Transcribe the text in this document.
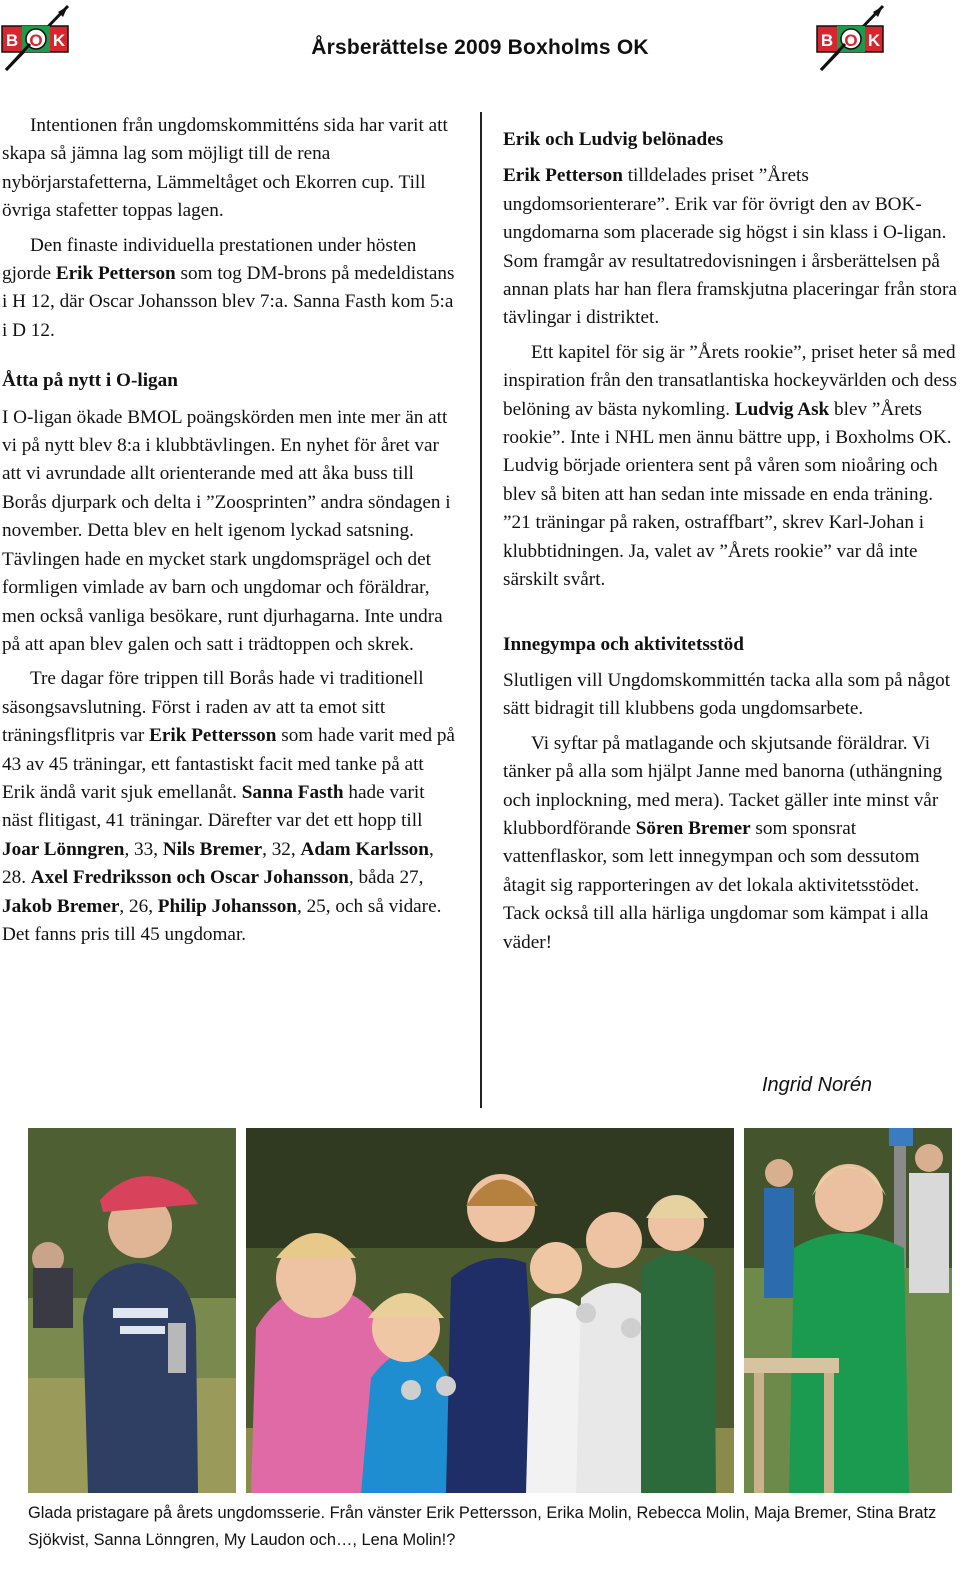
B O K	B O K
Årsberättelse 2009 Boxholms OK

Intentionen från ungdomskommitténs sida har varit att skapa så jämna lag som möjligt till de rena nybörjarstafetterna, Lämmeltåget och Ekorren cup. Till övriga stafetter toppas lagen.

Den finaste individuella prestationen under hösten gjorde Erik Petterson som tog DM-brons på medeldistans i H 12, där Oscar Johansson blev 7:a. Sanna Fasth kom 5:a i D 12.

Åtta på nytt i O-ligan

I O-ligan ökade BMOL poängskörden men inte mer än att vi på nytt blev 8:a i klubbtävlingen. En nyhet för året var att vi avrundade allt orienterande med att åka buss till Borås djurpark och delta i ”Zoosprinten” andra söndagen i november. Detta blev en helt igenom lyckad satsning. Tävlingen hade en mycket stark ungdomsprägel och det formligen vimlade av barn och ungdomar och föräldrar, men också vanliga besökare, runt djurhagarna. Inte undra på att apan blev galen och satt i trädtoppen och skrek.

Tre dagar före trippen till Borås hade vi traditionell säsongsavslutning. Först i raden av att ta emot sitt träningsflitpris var Erik Pettersson som hade varit med på 43 av 45 träningar, ett fantastiskt facit med tanke på att Erik ändå varit sjuk emellanåt. Sanna Fasth hade varit näst flitigast, 41 träningar. Därefter var det ett hopp till Joar Lönngren, 33, Nils Bremer, 32, Adam Karlsson, 28. Axel Fredriksson och Oscar Johansson, båda 27, Jakob Bremer, 26, Philip Johansson, 25, och så vidare. Det fanns pris till 45 ungdomar.

Erik och Ludvig belönades

Erik Petterson tilldelades priset ”Årets ungdomsorienterare”. Erik var för övrigt den av BOK-ungdomarna som placerade sig högst i sin klass i O-ligan. Som framgår av resultatredovisningen i årsberättelsen på annan plats har han flera framskjutna placeringar från stora tävlingar i distriktet.

Ett kapitel för sig är ”Årets rookie”, priset heter så med inspiration från den transatlantiska hockeyvärlden och dess belöning av bästa nykomling. Ludvig Ask blev ”Årets rookie”. Inte i NHL men ännu bättre upp, i Boxholms OK. Ludvig började orientera sent på våren som nioåring och blev så biten att han sedan inte missade en enda träning. ”21 träningar på raken, ostraffbart”, skrev Karl-Johan i klubbtidningen. Ja, valet av ”Årets rookie” var då inte särskilt svårt.

Innegympa och aktivitetsstöd

Slutligen vill Ungdomskommittén tacka alla som på något sätt bidragit till klubbens goda ungdomsarbete.

Vi syftar på matlagande och skjutsande föräldrar. Vi tänker på alla som hjälpt Janne med banorna (uthängning och inplockning, med mera). Tacket gäller inte minst vår klubbordförande Sören Bremer som sponsrat vattenflaskor, som lett innegympan och som dessutom åtagit sig rapporteringen av det lokala aktivitetsstödet. Tack också till alla härliga ungdomar som kämpat i alla väder!

Ingrid Norén
Glada pristagare på årets ungdomsserie. Från vänster Erik Pettersson, Erika Molin, Rebecca Molin, Maja Bremer, Stina Bratz Sjökvist, Sanna Lönngren, My Laudon och…, Lena Molin!?
